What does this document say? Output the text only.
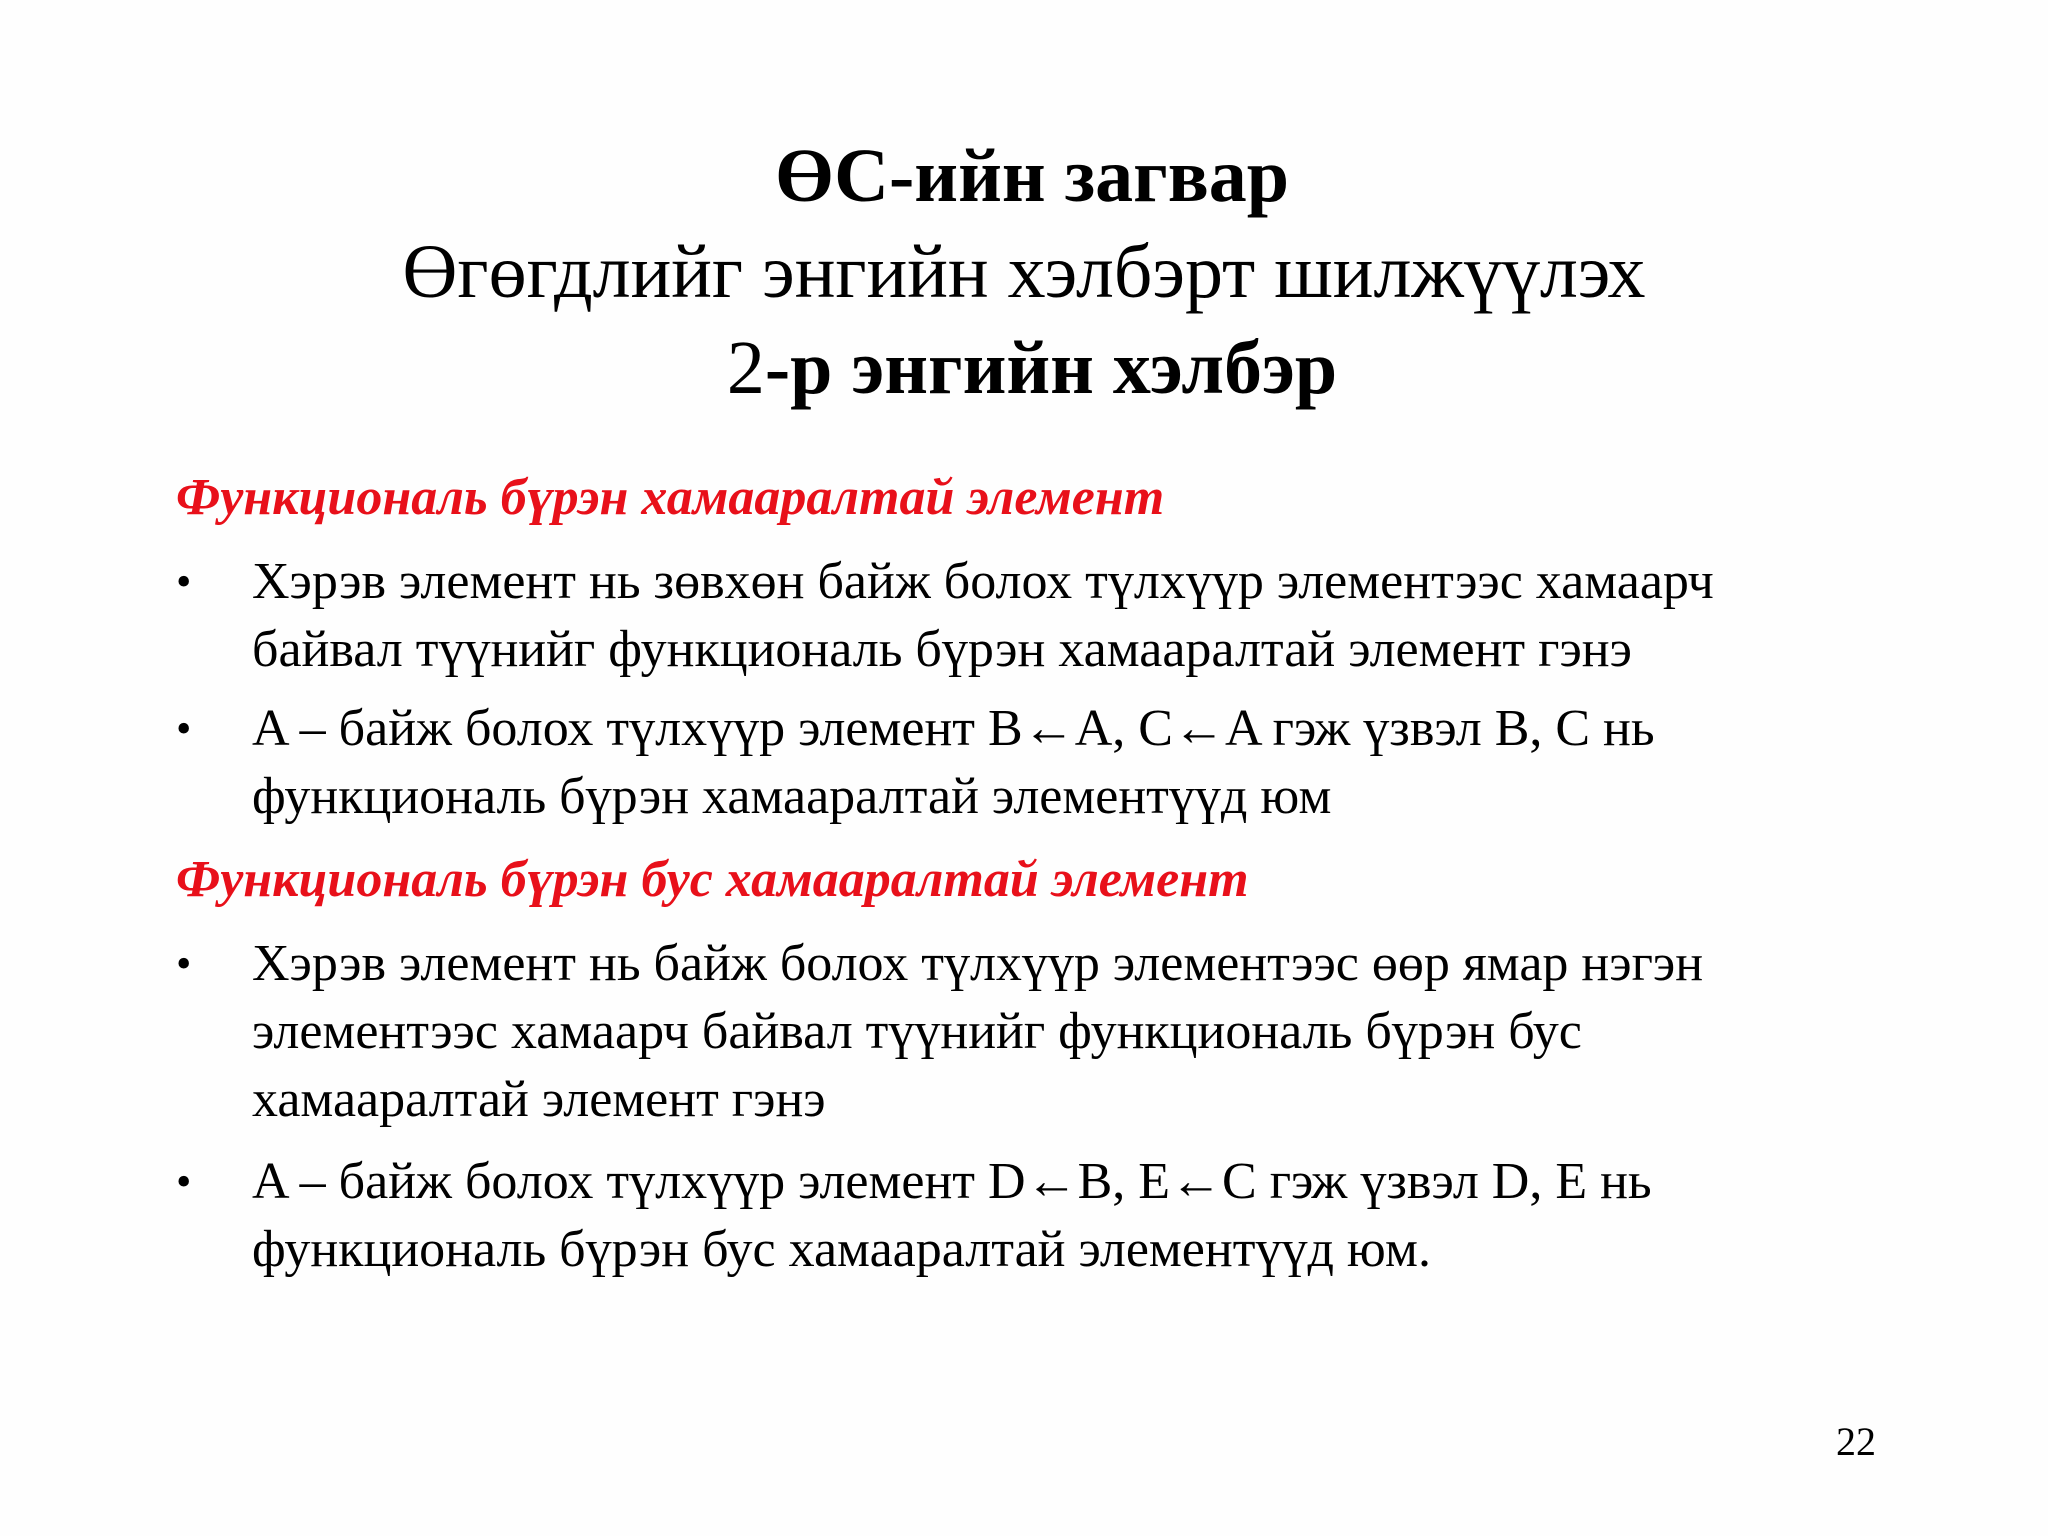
ӨС-ийн загвар
Өгөгдлийг энгийн хэлбэрт шилжүүлэх
2-р энгийн хэлбэр
Функциональ бүрэн хамааралтай элемент
•	Хэрэв элемент нь зөвхөн байж болох түлхүүр элементээс хамаарч
байвал түүнийг функциональ бүрэн хамааралтай элемент гэнэ
•	A – байж болох түлхүүр элемент B←A, C←A гэж үзвэл B, C нь
функциональ бүрэн хамааралтай элементүүд юм
Функциональ бүрэн бус хамааралтай элемент
•	Хэрэв элемент нь байж болох түлхүүр элементээс өөр ямар нэгэн
элементээс хамаарч байвал түүнийг функциональ бүрэн бус
хамааралтай элемент гэнэ
•	A – байж болох түлхүүр элемент D←B, E←C гэж үзвэл D, E нь
функциональ бүрэн бус хамааралтай элементүүд юм.
22
